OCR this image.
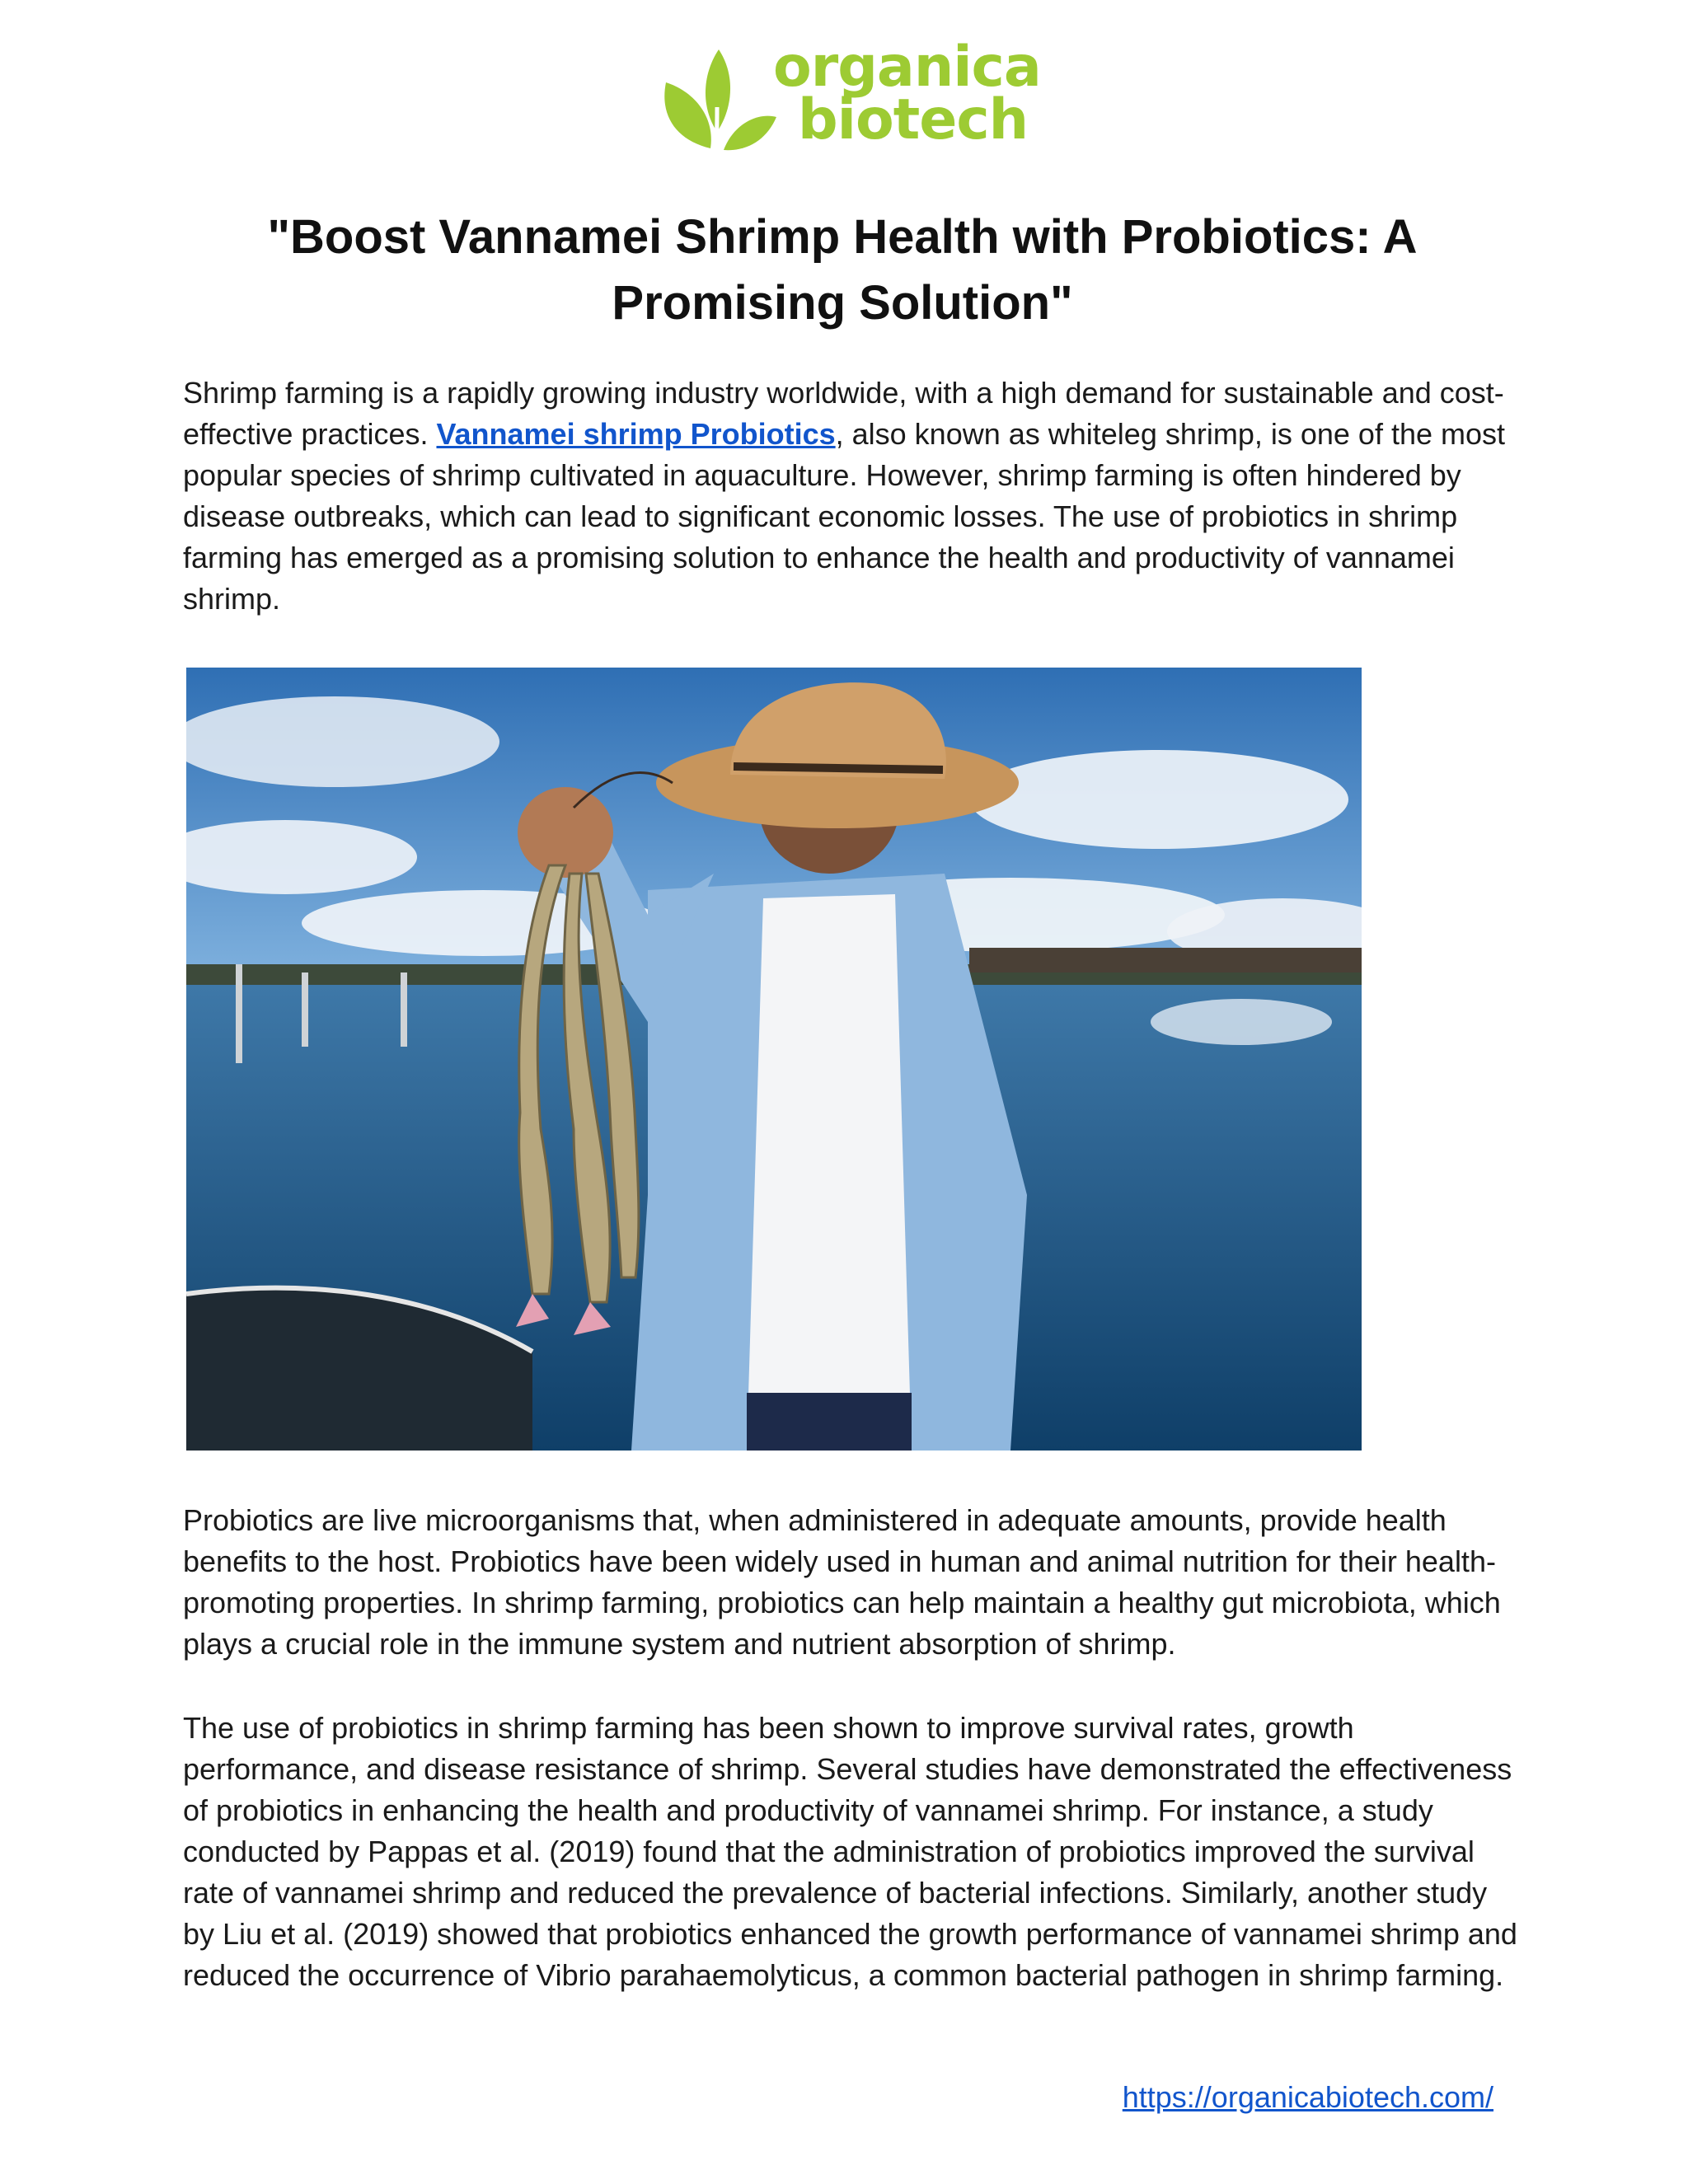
organica
biotech
"Boost Vannamei Shrimp Health with Probiotics: A Promising Solution"

Shrimp farming is a rapidly growing industry worldwide, with a high demand for sustainable and cost-effective practices. Vannamei shrimp Probiotics, also known as whiteleg shrimp, is one of the most popular species of shrimp cultivated in aquaculture. However, shrimp farming is often hindered by disease outbreaks, which can lead to significant economic losses. The use of probiotics in shrimp farming has emerged as a promising solution to enhance the health and productivity of vannamei shrimp.

Probiotics are live microorganisms that, when administered in adequate amounts, provide health benefits to the host. Probiotics have been widely used in human and animal nutrition for their health-promoting properties. In shrimp farming, probiotics can help maintain a healthy gut microbiota, which plays a crucial role in the immune system and nutrient absorption of shrimp.

The use of probiotics in shrimp farming has been shown to improve survival rates, growth performance, and disease resistance of shrimp. Several studies have demonstrated the effectiveness of probiotics in enhancing the health and productivity of vannamei shrimp. For instance, a study conducted by Pappas et al. (2019) found that the administration of probiotics improved the survival rate of vannamei shrimp and reduced the prevalence of bacterial infections. Similarly, another study by Liu et al. (2019) showed that probiotics enhanced the growth performance of vannamei shrimp and reduced the occurrence of Vibrio parahaemolyticus, a common bacterial pathogen in shrimp farming.

https://organicabiotech.com/
